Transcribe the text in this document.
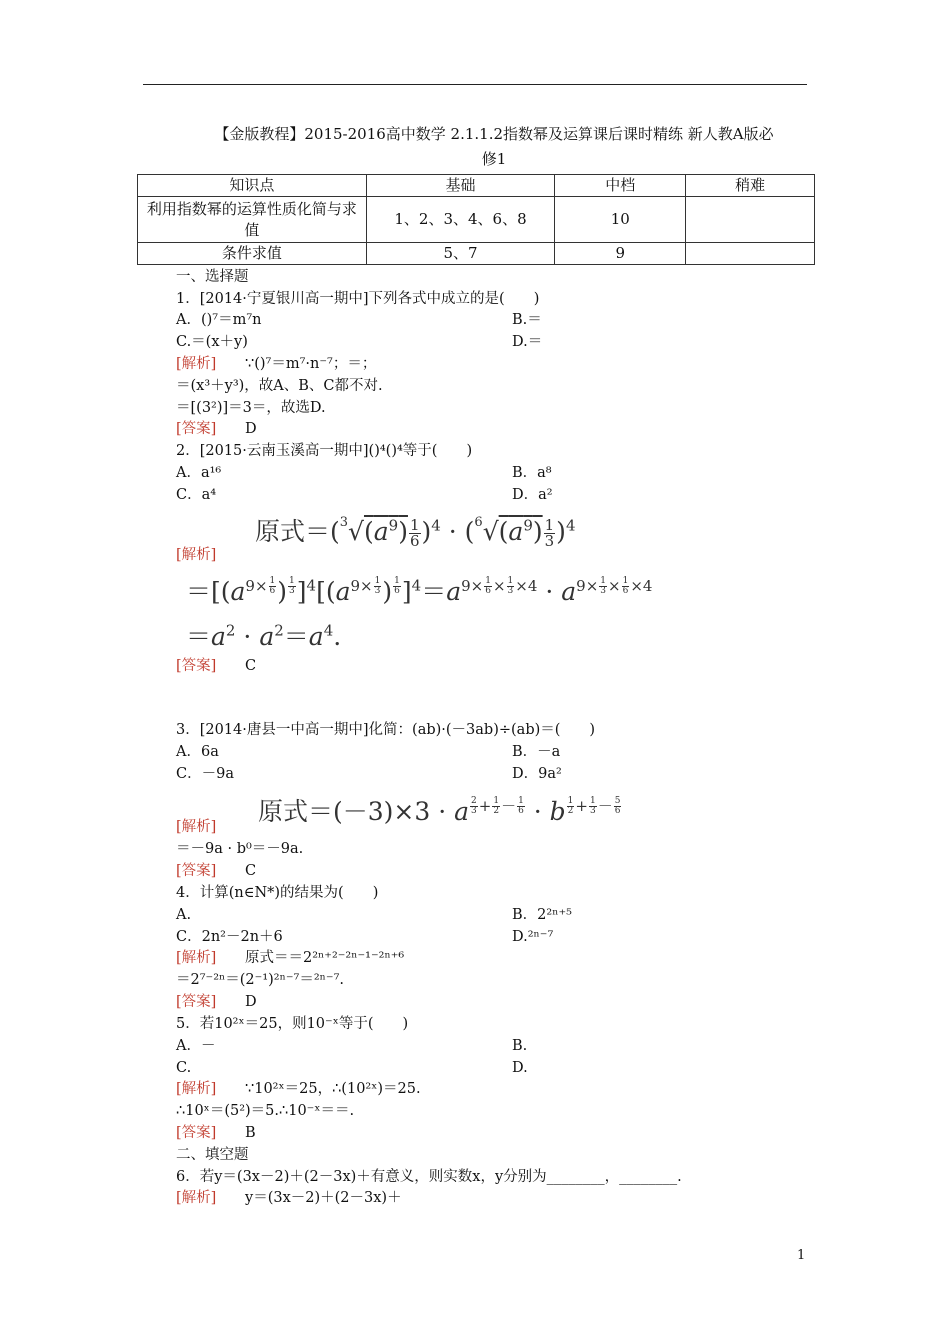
【金版教程】2015-2016高中数学 2.1.1.2指数幂及运算课后课时精练 新人教A版必
修1
知识点	基础	中档	稍难
利用指数幂的运算性质化简与求值	1、2、3、4、6、8	10	
条件求值	5、7	9	
一、选择题
1．[2014·宁夏银川高一期中]下列各式中成立的是(　　)
A．()⁷＝m⁷n	B.＝
C.＝(x＋y)	D.＝
[解析] ∵()⁷＝m⁷·n⁻⁷；＝；
＝(x³＋y³)，故A、B、C都不对.
＝[(3²)]＝3＝，故选D.
[答案] D
2．[2015·云南玉溪高一期中]()⁴()⁴等于(　　)
A．a¹⁶	B．a⁸
C．a⁴	D．a²
[解析]
原式$=(^3√(a^9) \frac{1}{6} )^4 \cdot (^6√(a^9) \frac{1}{3} )^4$
$=[(a^{9\times \frac{1}{6}}$ ) $^{\frac{1}{3}}$ ]$^4[(a^{9\times \frac{1}{3}}$ ) $^{\frac{1}{6}}$ ]$^4=a^{9\times \frac{1}{6} \times \frac{1}{3} \times 4} \cdot a^{9\times \frac{1}{3} \times \frac{1}{6} \times 4}$
$=a^2 \cdot a^2=a^4$.
[答案] C
3．[2014·唐县一中高一期中]化简：(ab)·(－3ab)÷(ab)＝(　　)
A．6a	B．－a
C．－9a	D．9a²
原式＝(－3)×3 · a $^{\frac{2}{3} + \frac{1}{2} - \frac{1}{6}}$ · b $^{\frac{1}{2} + \frac{1}{3} - \frac{5}{6}}$
[解析]
＝－9a · b⁰＝－9a.
[答案] C
4．计算(n∈N*)的结果为(　　)
A.	B．2²ⁿ⁺⁵
C．2n²－2n＋6	D.²ⁿ⁻⁷
[解析] 原式＝＝2²ⁿ⁺²⁻²ⁿ⁻¹⁻²ⁿ⁺⁶
＝2⁷⁻²ⁿ＝(2⁻¹)²ⁿ⁻⁷＝²ⁿ⁻⁷.
[答案] D
5．若10²ˣ＝25，则10⁻ˣ等于(　　)
A．－	B.
C.	D.
[解析] ∵10²ˣ＝25，∴(10²ˣ)＝25.
∴10ˣ＝(5²)＝5.∴10⁻ˣ＝＝.
[答案] B
二、填空题
6．若y＝(3x－2)＋(2－3x)＋有意义，则实数x，y分别为________，________.
[解析] y＝(3x－2)＋(2－3x)＋
1
